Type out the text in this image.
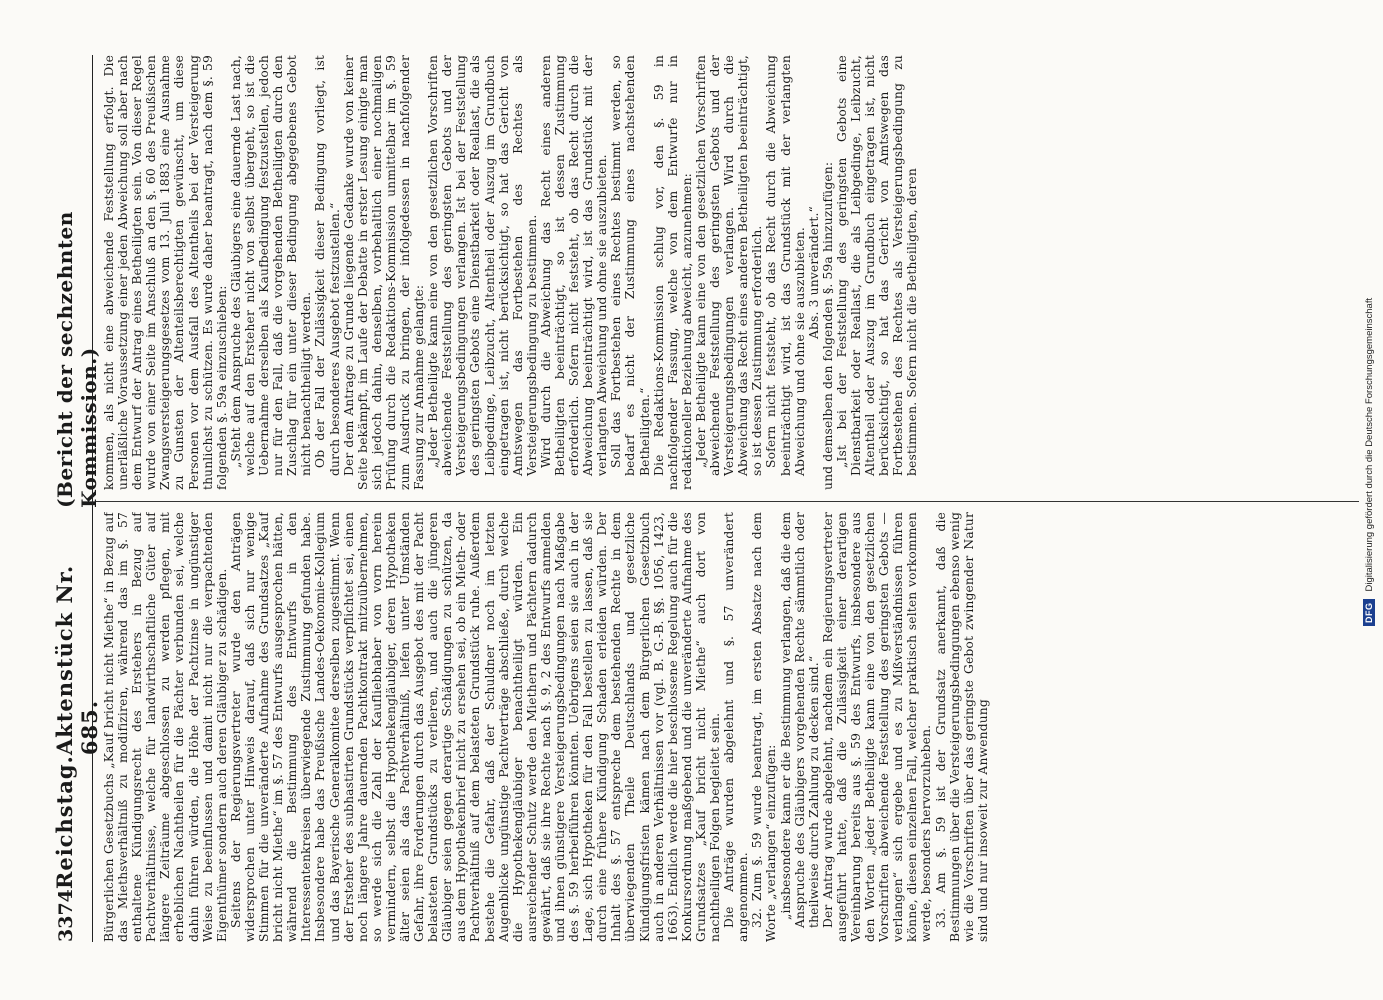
3374
Reichstag.
Aktenstück Nr. 685.
(Bericht der sechzehnten Kommission.)

Bürgerlichen Gesetzbuchs „Kauf bricht nicht Miethe“ in Bezug auf das Miethsverhältniß zu modifiziren, während das im §. 57 enthaltene Kündigungsrecht des Erstehers in Bezug auf Pachtverhältnisse, welche für landwirthschaftliche Güter auf längere Zeiträume abgeschlossen zu werden pflegen, mit erheblichen Nachtheilen für die Pächter verbunden sei, welche dahin führen würden, die Höhe der Pachtzinse in ungünstiger Weise zu beeinflussen und damit nicht nur die verpachtenden Eigenthümer sondern auch deren Gläubiger zu schädigen. Seitens der Regierungsvertreter wurde den Anträgen widersprochen unter Hinweis darauf, daß sich nur wenige Stimmen für die unveränderte Aufnahme des Grundsatzes „Kauf bricht nicht Miethe“ im §. 57 des Entwurfs ausgesprochen hätten, während die Bestimmung des Entwurfs in den Interessentenkreisen überwiegende Zustimmung gefunden habe. Insbesondere habe das Preußische Landes-Oekonomie-Kollegium und das Bayerische Generalkomitee derselben zugestimmt. Wenn der Ersteher des subhastirten Grundstücks verpflichtet sei, einen noch längere Jahre dauernden Pachtkontrakt mitzuübernehmen, so werde sich die Zahl der Kaufliebhaber von vorn herein vermindern, selbst die Hypothekengläubiger, deren Hypotheken älter seien als das Pachtverhältniß, liefen unter Umständen Gefahr, ihre Forderungen durch das Ausgebot des mit der Pacht belasteten Grundstücks zu verlieren, und auch die jüngeren Gläubiger seien gegen derartige Schädigungen zu schützen, da aus dem Hypothekenbrief nicht zu ersehen sei, ob ein Mieth- oder Pachtverhältniß auf dem belasteten Grundstück ruhe. Außerdem bestehe die Gefahr, daß der Schuldner noch im letzten Augenblicke ungünstige Pachtverträge abschließe, durch welche die Hypothekengläubiger benachtheiligt würden. Ein ausreichender Schutz werde den Miethern und Pächtern dadurch gewährt, daß sie ihre Rechte nach §. 9, 2 des Entwurfs anmelden und ihnen günstigere Versteigerungsbedingungen nach Maßgabe des §. 59 herbeiführen könnten. Uebrigens seien sie auch in der Lage, sich Hypotheken für den Fall bestellen zu lassen, daß sie durch eine frühere Kündigung Schaden erleiden würden. Der Inhalt des §. 57 entspreche dem bestehenden Rechte in dem überwiegenden Theile Deutschlands und gesetzliche Kündigungsfristen kämen nach dem Bürgerlichen Gesetzbuch auch in anderen Verhältnissen vor (vgl. B. G.-B. §§. 1056, 1423, 1663). Endlich werde die hier beschlossene Regelung auch für die Konkursordnung maßgebend und die unveränderte Aufnahme des Grundsatzes „Kauf bricht nicht Miethe“ auch dort von nachtheiligen Folgen begleitet sein. Die Anträge wurden abgelehnt und §. 57 unverändert angenommen. 32. Zum §. 59 wurde beantragt, im ersten Absatze nach dem Worte „verlangen“ einzufügen: „insbesondere kann er die Bestimmung verlangen, daß die dem Anspruche des Gläubigers vorgehenden Rechte sämmtlich oder theilweise durch Zahlung zu decken sind.“ Der Antrag wurde abgelehnt, nachdem ein Regierungsvertreter ausgeführt hatte, daß die Zulässigkeit einer derartigen Vereinbarung bereits aus §. 59 des Entwurfs, insbesondere aus den Worten „jeder Betheiligte kann eine von den gesetzlichen Vorschriften abweichende Feststellung des geringsten Gebots — verlangen“ sich ergebe und es zu Mißverständnissen führen könne, diesen einzelnen Fall, welcher praktisch selten vorkommen werde, besonders hervorzuheben. 33. Am §. 59 ist der Grundsatz anerkannt, daß die Bestimmungen über die Versteigerungsbedingungen ebenso wenig wie die Vorschriften über das geringste Gebot zwingender Natur sind und nur insoweit zur Anwendung

kommen, als nicht eine abweichende Feststellung erfolgt. Die unerläßliche Voraussetzung einer jeden Abweichung soll aber nach dem Entwurf der Antrag eines Betheiligten sein. Von dieser Regel wurde von einer Seite im Anschluß an den §. 60 des Preußischen Zwangsversteigerungsgesetzes vom 13. Juli 1883 eine Ausnahme zu Gunsten der Altenteilsberechtigten gewünscht, um diese Personen vor dem Ausfall des Altentheils bei der Versteigerung thunlichst zu schützen. Es wurde daher beantragt, nach dem §. 59 folgenden §. 59a einzuschieben: „Steht dem Anspruche des Gläubigers eine dauernde Last nach, welche auf den Ersteher nicht von selbst übergeht, so ist die Uebernahme derselben als Kaufbedingung festzustellen, jedoch nur für den Fall, daß die vorgehenden Betheiligten durch den Zuschlag für ein unter dieser Bedingung abgegebenes Gebot nicht benachtheiligt werden. Ob der Fall der Zulässigkeit dieser Bedingung vorliegt, ist durch besonderes Ausgebot festzustellen.“ Der dem Antrage zu Grunde liegende Gedanke wurde von keiner Seite bekämpft, im Laufe der Debatte in erster Lesung einigte man sich jedoch dahin, denselben, vorbehaltlich einer nochmaligen Prüfung durch die Redaktions-Kommission unmittelbar im §. 59 zum Ausdruck zu bringen, der infolgedessen in nachfolgender Fassung zur Annahme gelangte: „Jeder Betheiligte kann eine von den gesetzlichen Vorschriften abweichende Feststellung des geringsten Gebots und der Versteigerungsbedingungen verlangen. Ist bei der Feststellung des geringsten Gebots eine Dienstbarkeit oder Reallast, die als Leibgedinge, Leibzucht, Altentheil oder Auszug im Grundbuch eingetragen ist, nicht berücksichtigt, so hat das Gericht von Amtswegen das Fortbestehen des Rechtes als Versteigerungsbedingung zu bestimmen. Wird durch die Abweichung das Recht eines anderen Betheiligten beeinträchtigt, so ist dessen Zustimmung erforderlich. Sofern nicht feststeht, ob das Recht durch die Abweichung beeinträchtigt wird, ist das Grundstück mit der verlangten Abweichung und ohne sie auszubieten. Soll das Fortbestehen eines Rechtes bestimmt werden, so bedarf es nicht der Zustimmung eines nachstehenden Betheiligten.“ Die Redaktions-Kommission schlug vor, den §. 59 in nachfolgender Fassung, welche von dem Entwurfe nur in redaktioneller Beziehung abweicht, anzunehmen: „Jeder Betheiligte kann eine von den gesetzlichen Vorschriften abweichende Feststellung des geringsten Gebots und der Versteigerungsbedingungen verlangen. Wird durch die Abweichung das Recht eines anderen Betheiligten beeinträchtigt, so ist dessen Zustimmung erforderlich. Sofern nicht feststeht, ob das Recht durch die Abweichung beeinträchtigt wird, ist das Grundstück mit der verlangten Abweichung und ohne sie auszubieten. Abs. 3 unverändert.“ und demselben den folgenden §. 59a hinzuzufügen: „Ist bei der Feststellung des geringsten Gebots eine Dienstbarkeit oder Reallast, die als Leibgedinge, Leibzucht, Altentheil oder Auszug im Grundbuch eingetragen ist, nicht berücksichtigt, so hat das Gericht von Amtswegen das Fortbestehen des Rechtes als Versteigerungsbedingung zu bestimmen. Sofern nicht die Betheiligten, deren

DFG
Digitalisierung gefördert durch die Deutsche Forschungsgemeinschaft
